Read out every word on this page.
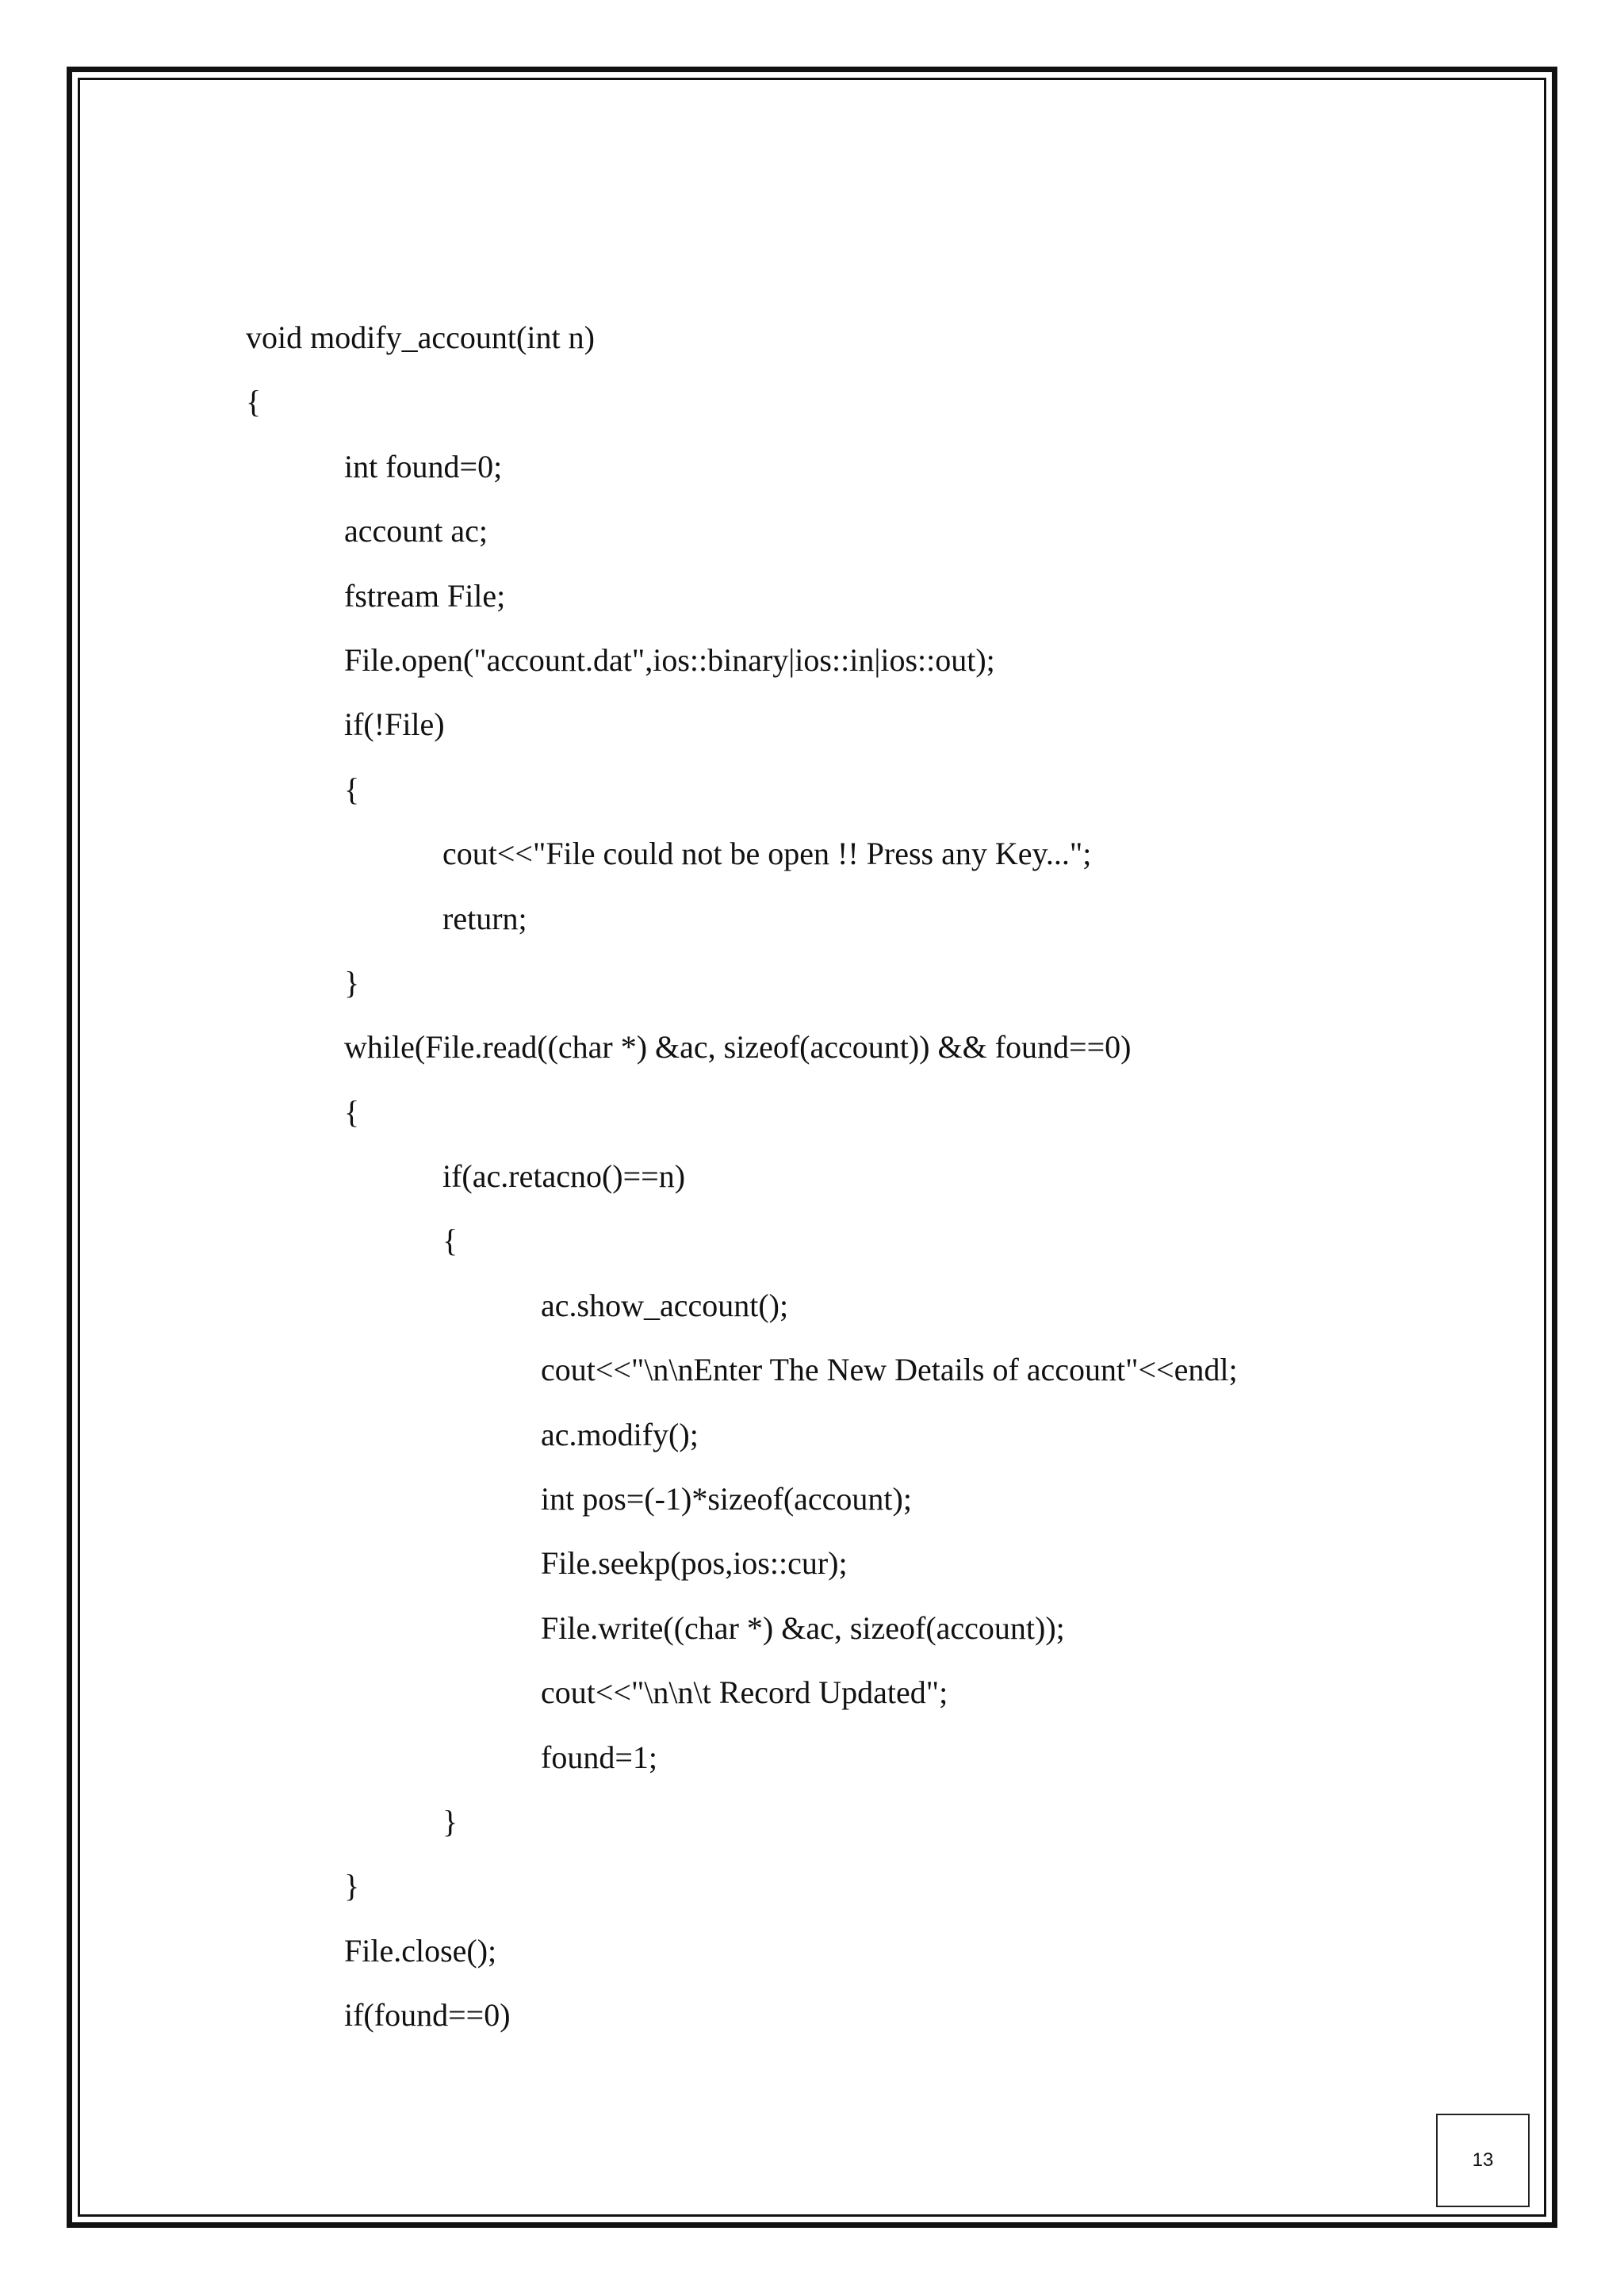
void modify_account(int n)
{
int found=0;
account ac;
fstream File;
File.open("account.dat",ios::binary|ios::in|ios::out);
if(!File)
{
cout<<"File could not be open !! Press any Key...";
return;
}
while(File.read((char *) &ac, sizeof(account)) && found==0)
{
if(ac.retacno()==n)
{
ac.show_account();
cout<<"\n\nEnter The New Details of account"<<endl;
ac.modify();
int pos=(-1)*sizeof(account);
File.seekp(pos,ios::cur);
File.write((char *) &ac, sizeof(account));
cout<<"\n\n\t Record Updated";
found=1;
}
}
File.close();
if(found==0)
13
